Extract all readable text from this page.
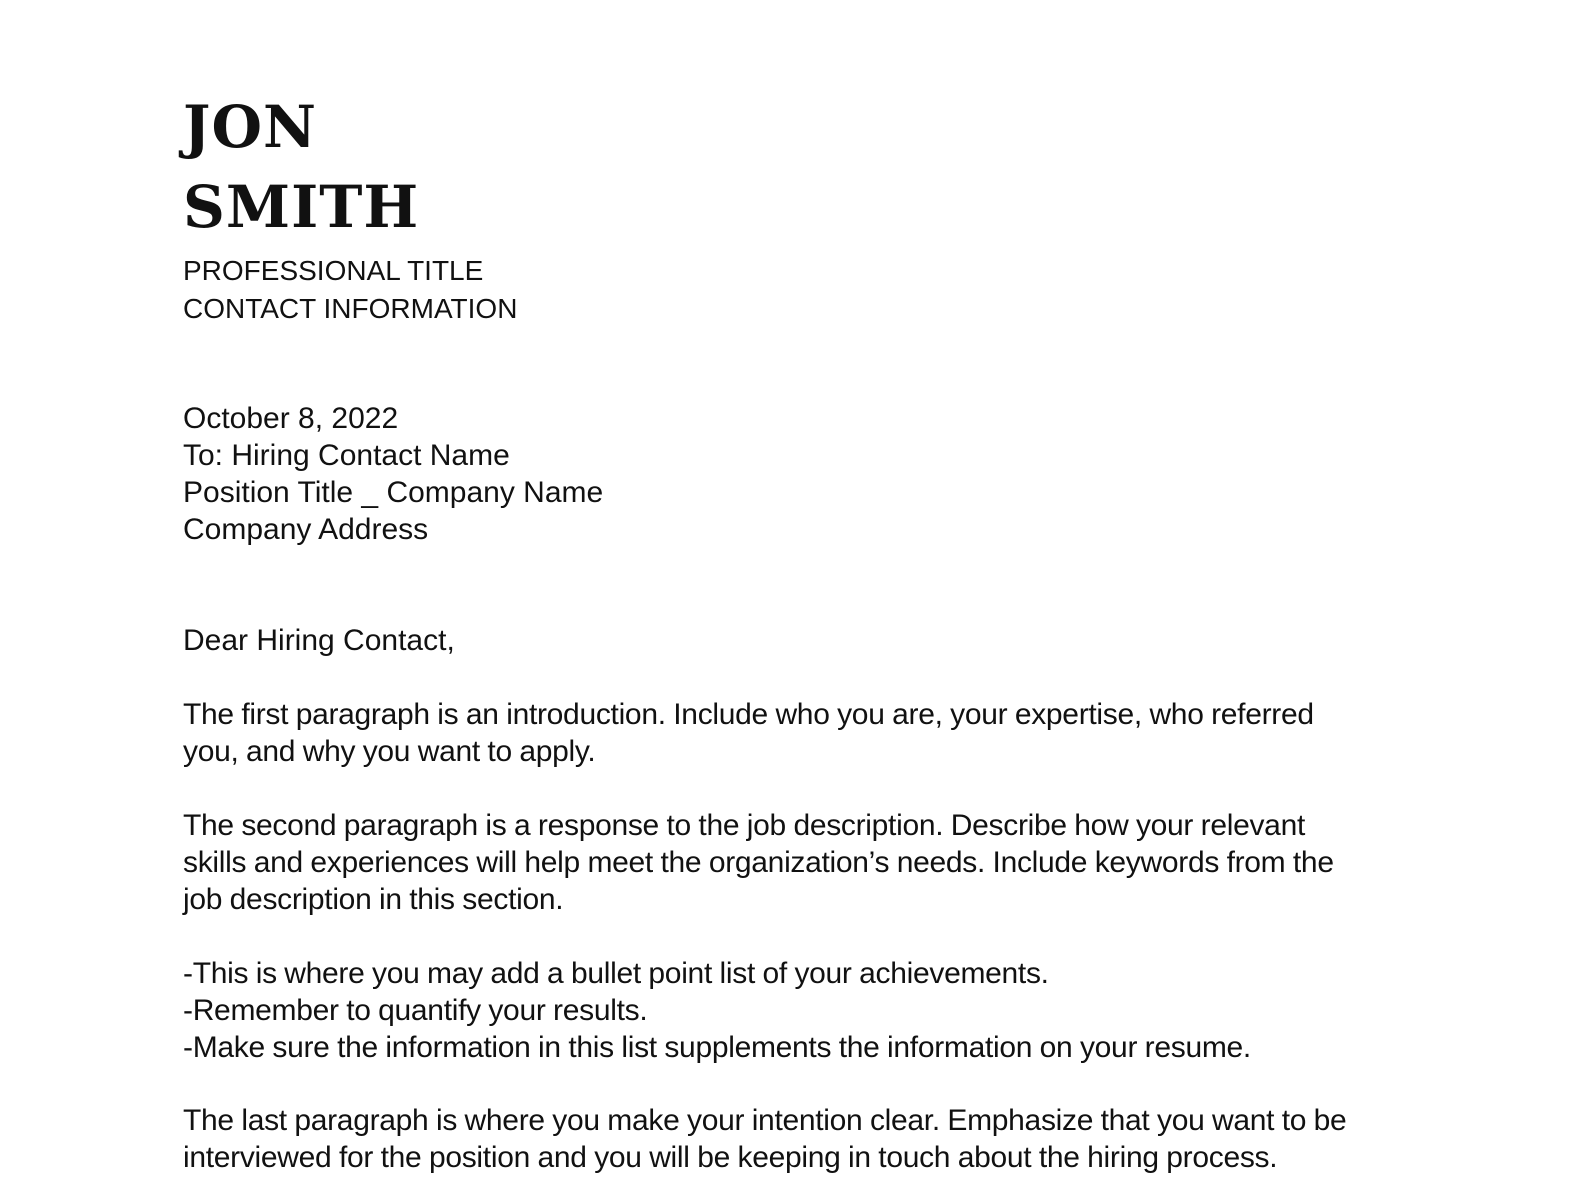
JON
SMITH

PROFESSIONAL TITLE

CONTACT INFORMATION

October 8, 2022
To: Hiring Contact Name
Position Title _ Company Name
Company Address

Dear Hiring Contact,

The first paragraph is an introduction. Include who you are, your expertise, who referred
you, and why you want to apply.
The second paragraph is a response to the job description. Describe how your relevant
skills and experiences will help meet the organization’s needs. Include keywords from the
job description in this section.
-This is where you may add a bullet point list of your achievements.
-Remember to quantify your results.
-Make sure the information in this list supplements the information on your resume.
The last paragraph is where you make your intention clear. Emphasize that you want to be
interviewed for the position and you will be keeping in touch about the hiring process.
